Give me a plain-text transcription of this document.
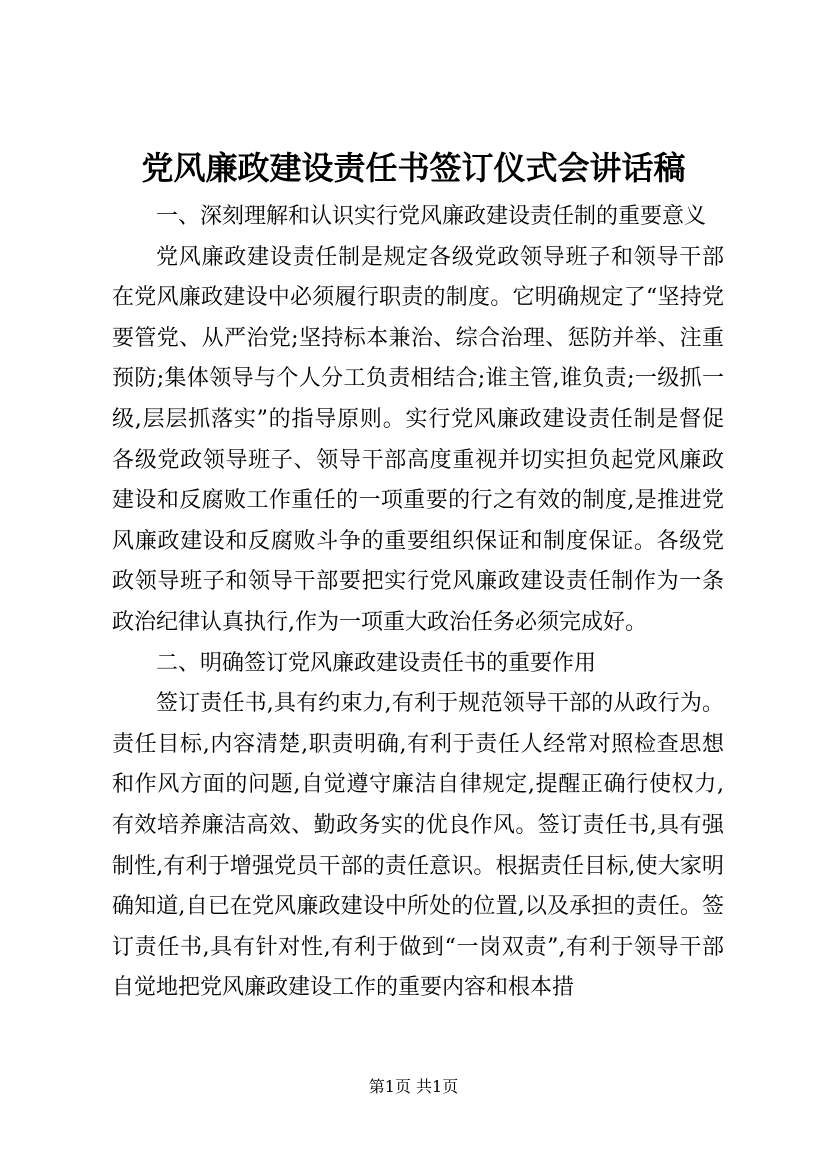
党风廉政建设责任书签订仪式会讲话稿

一、深刻理解和认识实行党风廉政建设责任制的重要意义

党风廉政建设责任制是规定各级党政领导班子和领导干部在党风廉政建设中必须履行职责的制度。它明确规定了“坚持党要管党、从严治党;坚持标本兼治、综合治理、惩防并举、注重预防;集体领导与个人分工负责相结合;谁主管,谁负责;一级抓一级,层层抓落实”的指导原则。实行党风廉政建设责任制是督促各级党政领导班子、领导干部高度重视并切实担负起党风廉政建设和反腐败工作重任的一项重要的行之有效的制度,是推进党风廉政建设和反腐败斗争的重要组织保证和制度保证。各级党政领导班子和领导干部要把实行党风廉政建设责任制作为一条政治纪律认真执行,作为一项重大政治任务必须完成好。

二、明确签订党风廉政建设责任书的重要作用

签订责任书,具有约束力,有利于规范领导干部的从政行为。责任目标,内容清楚,职责明确,有利于责任人经常对照检查思想和作风方面的问题,自觉遵守廉洁自律规定,提醒正确行使权力,有效培养廉洁高效、勤政务实的优良作风。签订责任书,具有强制性,有利于增强党员干部的责任意识。根据责任目标,使大家明确知道,自已在党风廉政建设中所处的位置,以及承担的责任。签订责任书,具有针对性,有利于做到“一岗双责”,有利于领导干部自觉地把党风廉政建设工作的重要内容和根本措

第1页 共1页
